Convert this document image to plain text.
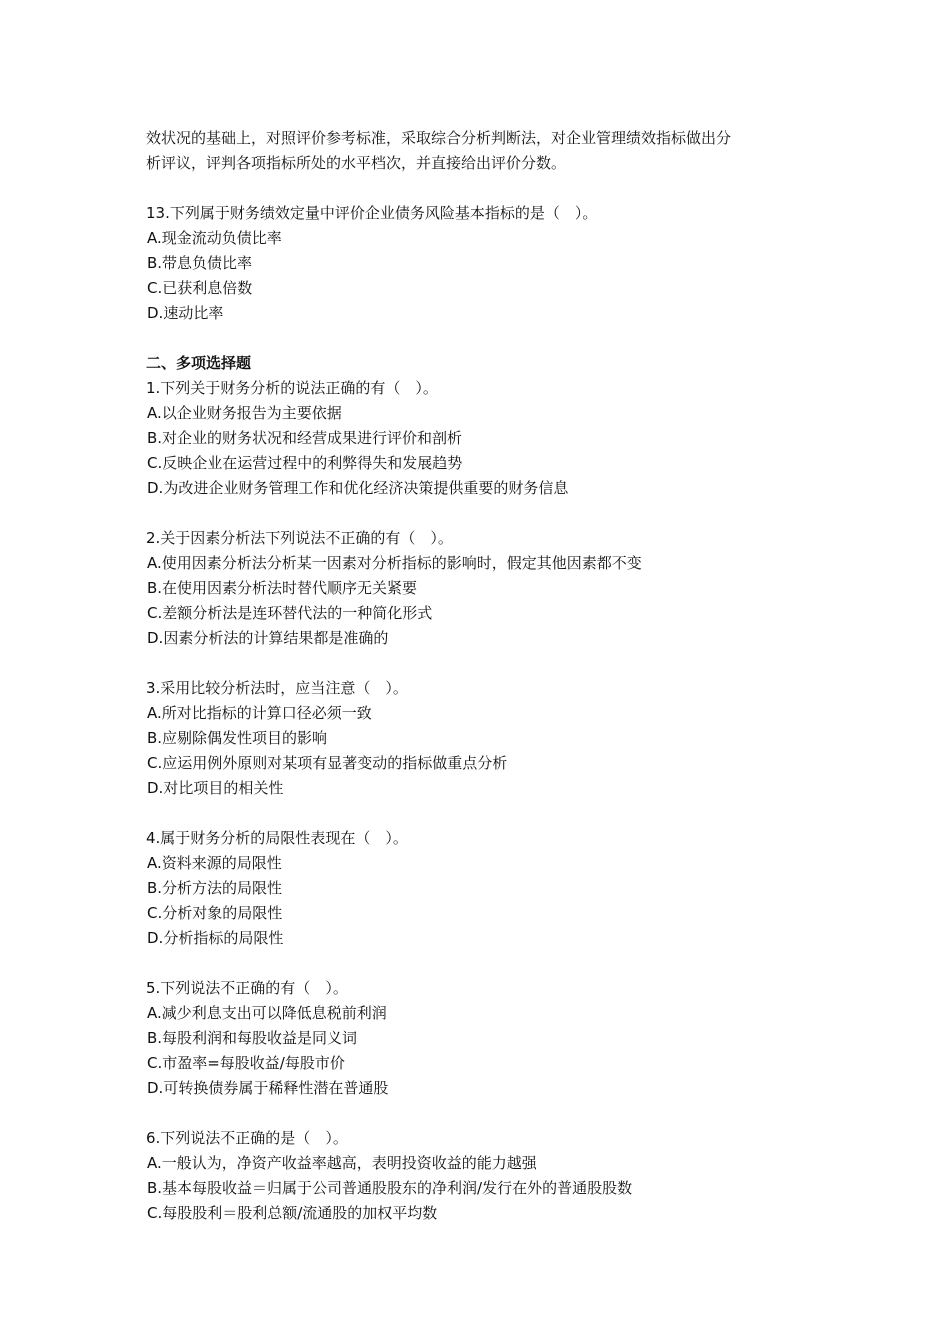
效状况的基础上，对照评价参考标准，采取综合分析判断法，对企业管理绩效指标做出分
析评议，评判各项指标所处的水平档次，并直接给出评价分数。
13.下列属于财务绩效定量中评价企业债务风险基本指标的是（　）。
A.现金流动负债比率
B.带息负债比率
C.已获利息倍数
D.速动比率
二、多项选择题
1.下列关于财务分析的说法正确的有（　）。
A.以企业财务报告为主要依据
B.对企业的财务状况和经营成果进行评价和剖析
C.反映企业在运营过程中的利弊得失和发展趋势
D.为改进企业财务管理工作和优化经济决策提供重要的财务信息
2.关于因素分析法下列说法不正确的有（　）。
A.使用因素分析法分析某一因素对分析指标的影响时，假定其他因素都不变
B.在使用因素分析法时替代顺序无关紧要
C.差额分析法是连环替代法的一种简化形式
D.因素分析法的计算结果都是准确的
3.采用比较分析法时，应当注意（　）。
A.所对比指标的计算口径必须一致
B.应剔除偶发性项目的影响
C.应运用例外原则对某项有显著变动的指标做重点分析
D.对比项目的相关性
4.属于财务分析的局限性表现在（　）。
A.资料来源的局限性
B.分析方法的局限性
C.分析对象的局限性
D.分析指标的局限性
5.下列说法不正确的有（　）。
A.减少利息支出可以降低息税前利润
B.每股利润和每股收益是同义词
C.市盈率=每股收益/每股市价
D.可转换债券属于稀释性潜在普通股
6.下列说法不正确的是（　）。
A.一般认为，净资产收益率越高，表明投资收益的能力越强
B.基本每股收益＝归属于公司普通股股东的净利润/发行在外的普通股股数
C.每股股利＝股利总额/流通股的加权平均数
